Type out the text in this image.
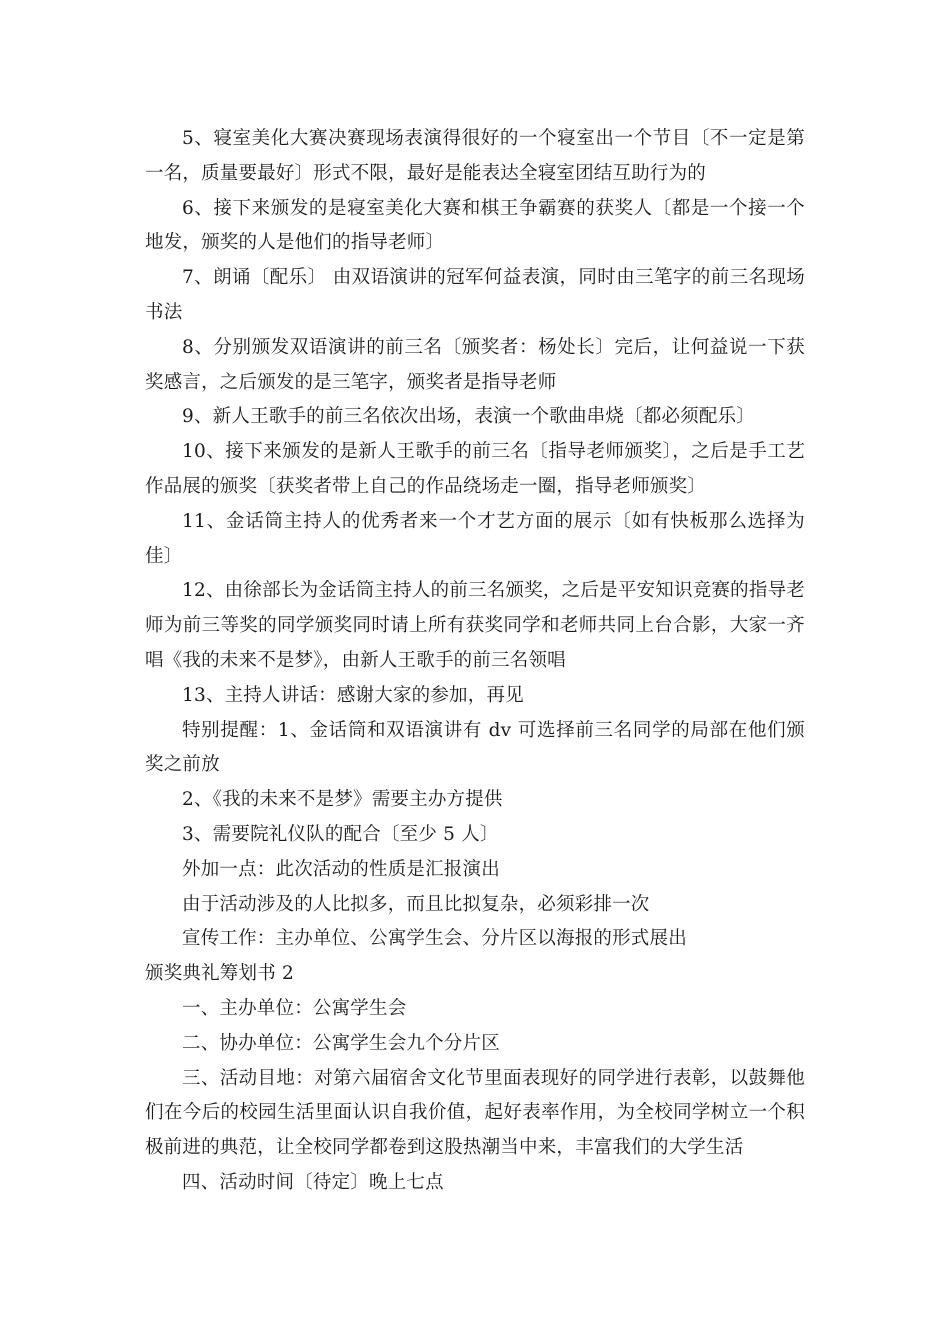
5、寝室美化大赛决赛现场表演得很好的一个寝室出一个节目〔不一定是第一名，质量要最好〕形式不限，最好是能表达全寝室团结互助行为的

6、接下来颁发的是寝室美化大赛和棋王争霸赛的获奖人〔都是一个接一个地发，颁奖的人是他们的指导老师〕

7、朗诵〔配乐〕 由双语演讲的冠军何益表演，同时由三笔字的前三名现场书法

8、分别颁发双语演讲的前三名〔颁奖者：杨处长〕完后，让何益说一下获奖感言，之后颁发的是三笔字，颁奖者是指导老师

9、新人王歌手的前三名依次出场，表演一个歌曲串烧〔都必须配乐〕

10、接下来颁发的是新人王歌手的前三名〔指导老师颁奖〕，之后是手工艺作品展的颁奖〔获奖者带上自己的作品绕场走一圈，指导老师颁奖〕

11、金话筒主持人的优秀者来一个才艺方面的展示〔如有快板那么选择为佳〕

12、由徐部长为金话筒主持人的前三名颁奖，之后是平安知识竞赛的指导老师为前三等奖的同学颁奖同时请上所有获奖同学和老师共同上台合影，大家一齐唱《我的未来不是梦》，由新人王歌手的前三名领唱

13、主持人讲话：感谢大家的参加，再见

特别提醒：1、金话筒和双语演讲有 dv 可选择前三名同学的局部在他们颁奖之前放

2、《我的未来不是梦》需要主办方提供

3、需要院礼仪队的配合〔至少 5 人〕

外加一点：此次活动的性质是汇报演出

由于活动涉及的人比拟多，而且比拟复杂，必须彩排一次

宣传工作：主办单位、公寓学生会、分片区以海报的形式展出

颁奖典礼筹划书 2

一、主办单位：公寓学生会

二、协办单位：公寓学生会九个分片区

三、活动目地：对第六届宿舍文化节里面表现好的同学进行表彰，以鼓舞他们在今后的校园生活里面认识自我价值，起好表率作用，为全校同学树立一个积极前进的典范，让全校同学都卷到这股热潮当中来，丰富我们的大学生活

四、活动时间〔待定〕晚上七点
